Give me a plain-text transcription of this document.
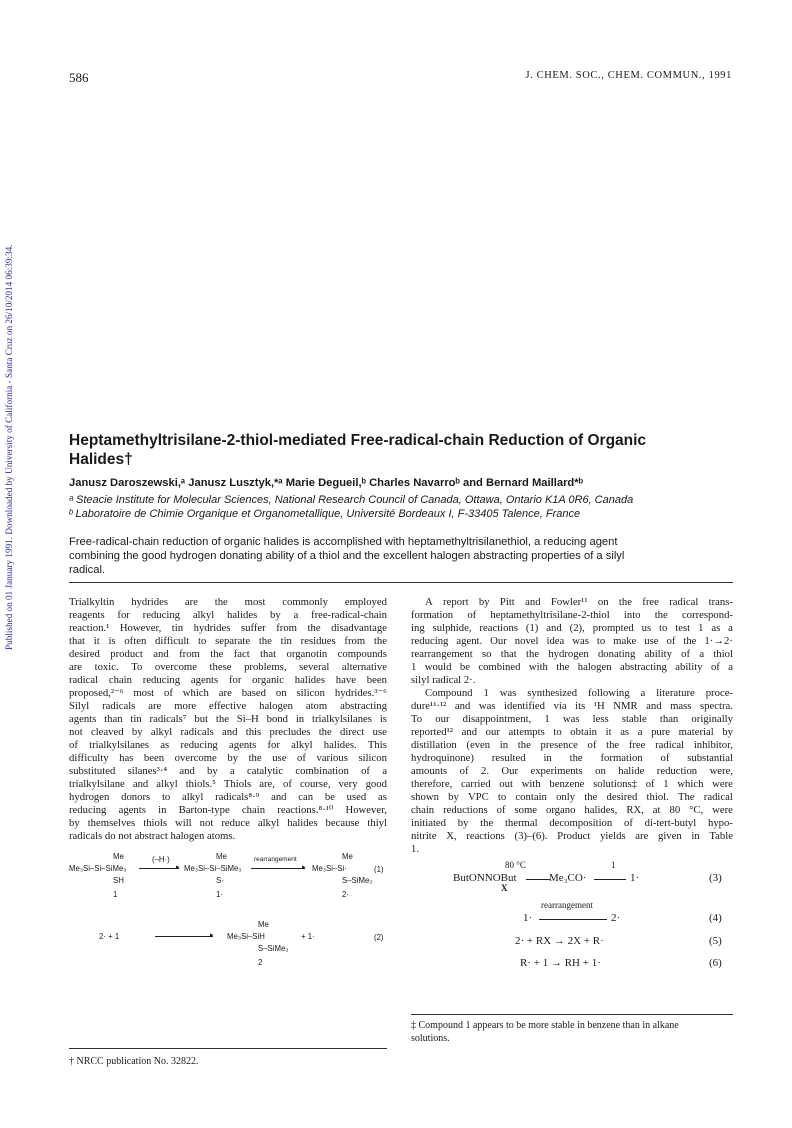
Published on 01 January 1991. Downloaded by University of California - Santa Cruz on 26/10/2014 06:39:34.
586	J. CHEM. SOC., CHEM. COMMUN., 1991
Heptamethyltrisilane-2-thiol-mediated Free-radical-chain Reduction of Organic
Halides†
Janusz Daroszewski,ᵃ Janusz Lusztyk,*ᵃ Marie Degueil,ᵇ Charles Navarroᵇ and Bernard Maillard*ᵇ
ᵃ Steacie Institute for Molecular Sciences, National Research Council of Canada, Ottawa, Ontario K1A 0R6, Canada
ᵇ Laboratoire de Chimie Organique et Organometallique, Université Bordeaux I, F-33405 Talence, France
Free-radical-chain reduction of organic halides is accomplished with heptamethyltrisilanethiol, a reducing agent
combining the good hydrogen donating ability of a thiol and the excellent halogen abstracting properties of a silyl
radical.
Trialkyltin hydrides are the most commonly employed
reagents for reducing alkyl halides by a free-radical-chain
reaction.¹ However, tin hydrides suffer from the disadvantage
that it is often difficult to separate the tin residues from the
desired product and from the fact that organotin compounds
are toxic. To overcome these problems, several alternative
radical chain reducing agents for organic halides have been
proposed,²⁻⁶ most of which are based on silicon hydrides.³⁻⁶
Silyl radicals are more effective halogen atom abstracting
agents than tin radicals⁷ but the Si–H bond in trialkylsilanes is
not cleaved by alkyl radicals and this precludes the direct use
of trialkylsilanes as reducing agents for alkyl halides. This
difficulty has been overcome by the use of various silicon
substituted silanes³·⁴ and by a catalytic combination of a
trialkylsilane and alkyl thiols.⁵ Thiols are, of course, very good
hydrogen donors to alkyl radicals⁸·⁹ and can be used as
reducing agents in Barton-type chain reactions.⁸·¹⁰ However,
by themselves thiols will not reduce alkyl halides because thiyl
radicals do not abstract halogen atoms.
A report by Pitt and Fowler¹¹ on the free radical trans-
formation of heptamethyltrisilane-2-thiol into the correspond-
ing sulphide, reactions (1) and (2), prompted us to test 1 as a
reducing agent. Our novel idea was to make use of the 1·→2·
rearrangement so that the hydrogen donating ability of a thiol
1 would be combined with the halogen abstracting ability of a
silyl radical 2·.
Compound 1 was synthesized following a literature proce-
dure¹¹·¹² and was identified via its ¹H NMR and mass spectra.
To our disappointment, 1 was less stable than originally
reported¹² and our attempts to obtain it as a pure material by
distillation (even in the presence of the free radical inhibitor,
hydroquinone) resulted in the formation of substantial
amounts of 2. Our experiments on halide reduction were,
therefore, carried out with benzene solutions‡ of 1 which were
shown by VPC to contain only the desired thiol. The radical
chain reductions of some organo halides, RX, at 80 °C, were
initiated by the thermal decomposition of di-tert-butyl hypo-
nitrite X, reactions (3)–(6). Product yields are given in Table
1.
Me	(–H·)	Me	rearrangement	Me
Me₃Si–Si–SiMe₃	▸ Me₃Si–Si–SiMe₃	▸ Me₃Si–Si·	(1)
SH	S·	S–SiMe₃
1	1·	2·
Me
2· + 1	▸ Me₃Si–SiH	+ 1·	(2)
S–SiMe₃
2
80 °C	1
ButONNOBut	Me₃CO·	1·	(3)
X
rearrangement
1·	2·	(4)
2· + RX → 2X + R·	(5)
R· + 1 → RH + 1·	(6)
† NRCC publication No. 32822.
‡ Compound 1 appears to be more stable in benzene than in alkane
solutions.
